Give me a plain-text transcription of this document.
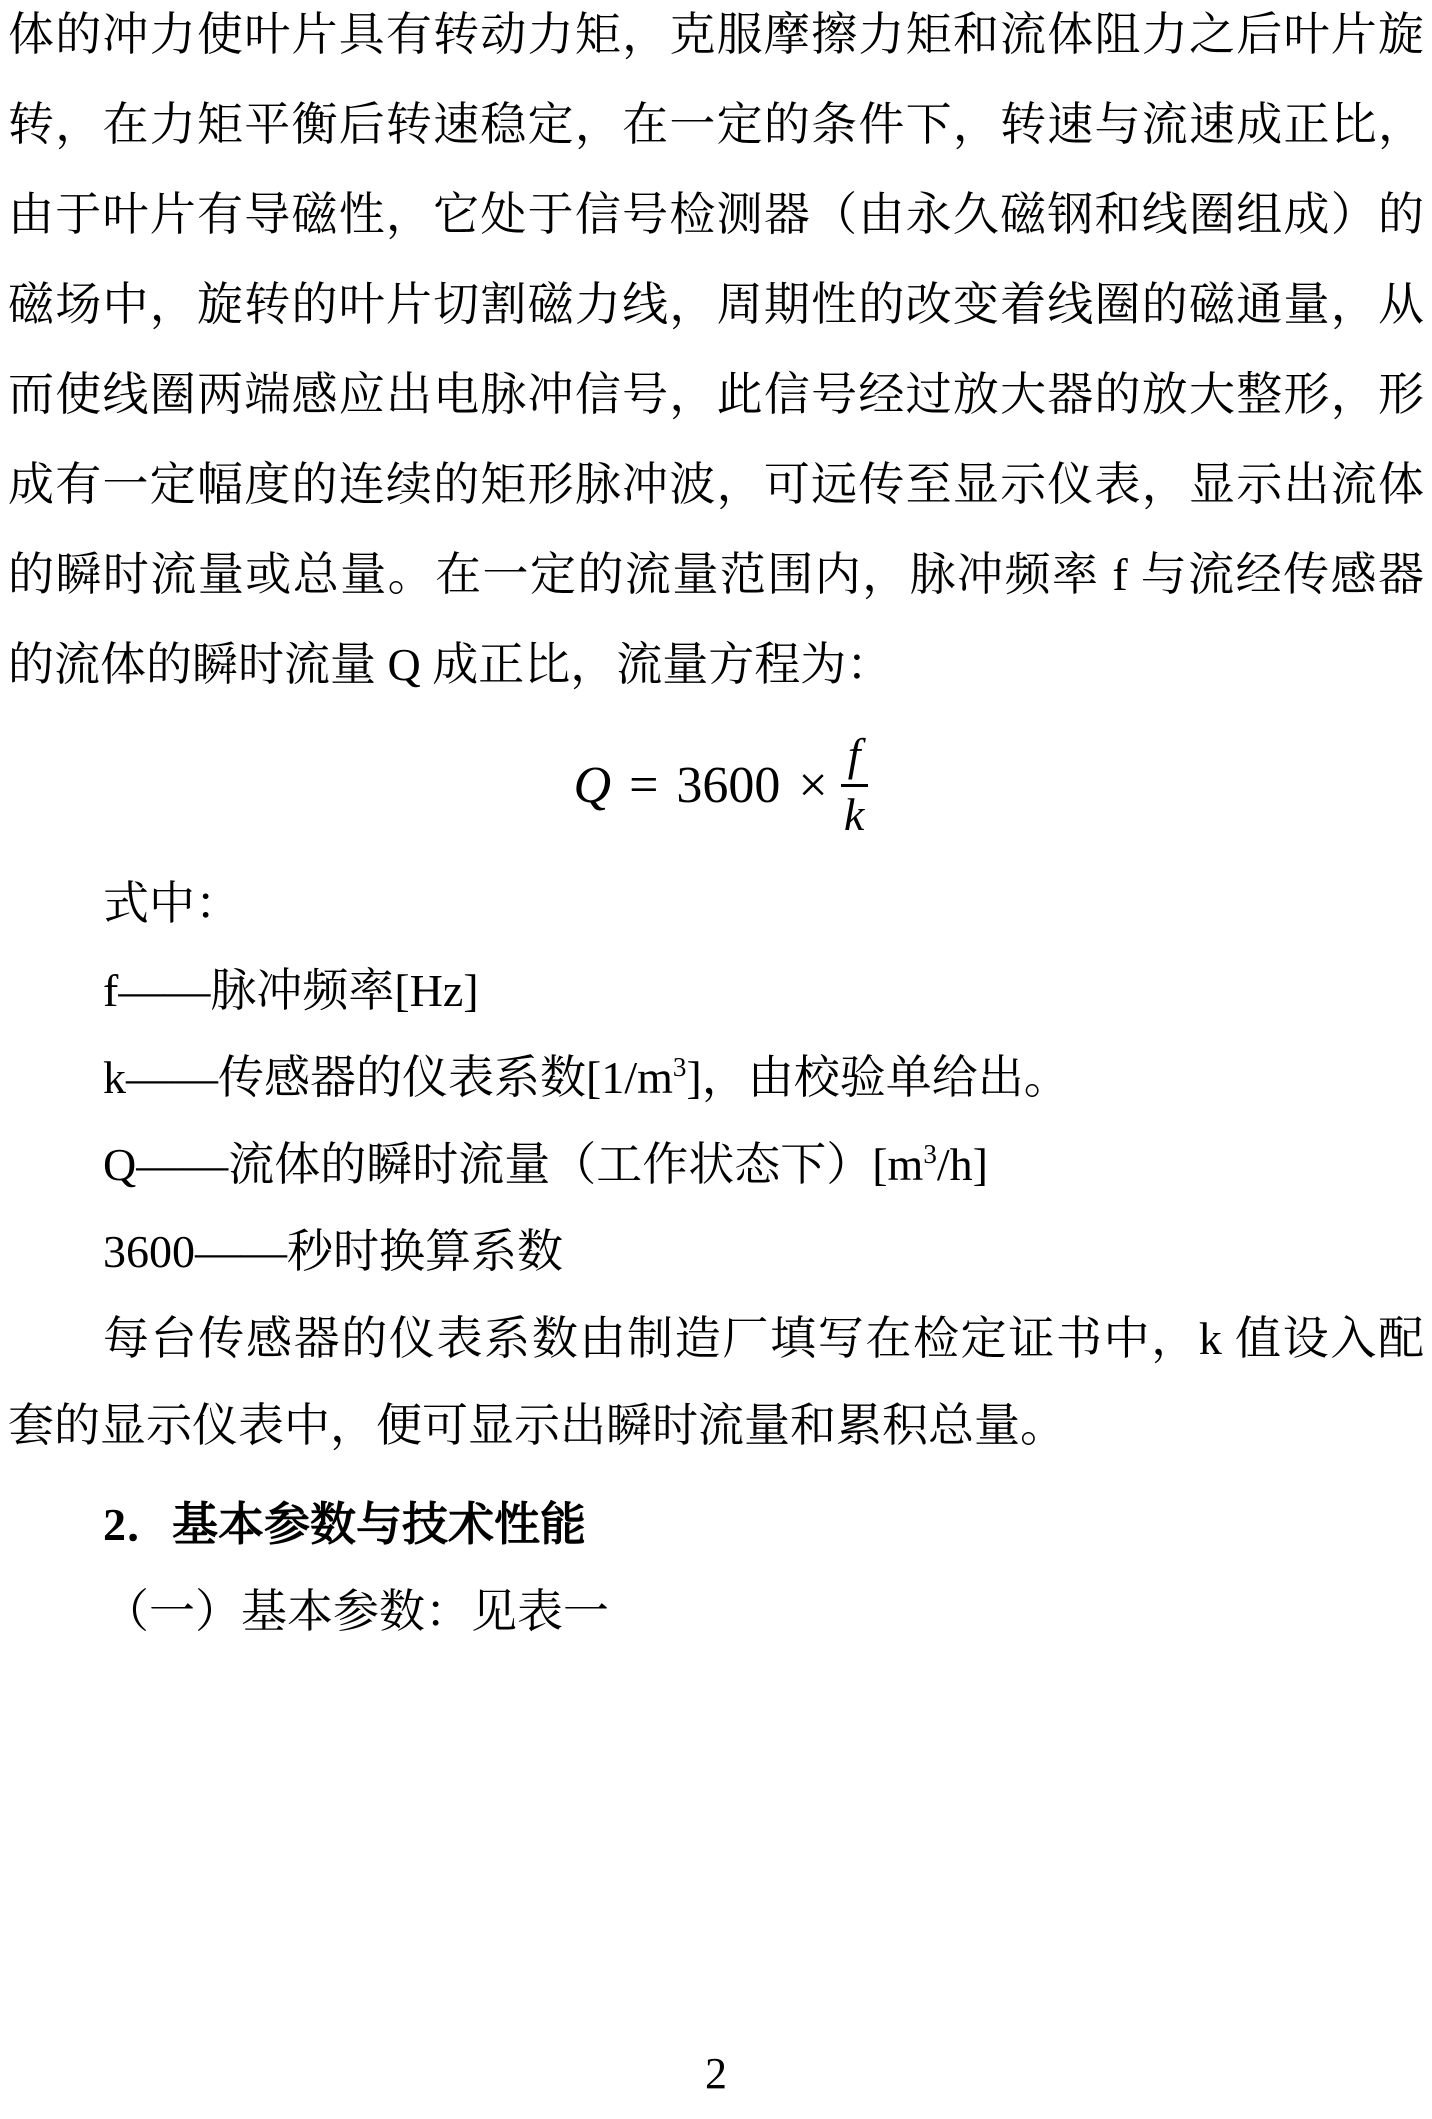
体的冲力使叶片具有转动力矩，克服摩擦力矩和流体阻力之后叶片旋
转，在力矩平衡后转速稳定，在一定的条件下，转速与流速成正比，
由于叶片有导磁性，它处于信号检测器（由永久磁钢和线圈组成）的
磁场中，旋转的叶片切割磁力线，周期性的改变着线圈的磁通量，从
而使线圈两端感应出电脉冲信号，此信号经过放大器的放大整形，形
成有一定幅度的连续的矩形脉冲波，可远传至显示仪表，显示出流体
的瞬时流量或总量。在一定的流量范围内，脉冲频率 f 与流经传感器
的流体的瞬时流量 Q 成正比，流量方程为：
$Q = 3600 \times \frac{f}{k}$
式中：
f——脉冲频率[Hz]
k——传感器的仪表系数$[1/m^3]$，由校验单给出。
Q——流体的瞬时流量（工作状态下）$[m^3/h]$
3600——秒时换算系数
每台传感器的仪表系数由制造厂填写在检定证书中，k 值设入配
套的显示仪表中，便可显示出瞬时流量和累积总量。
2．基本参数与技术性能
（一）基本参数：见表一
2
